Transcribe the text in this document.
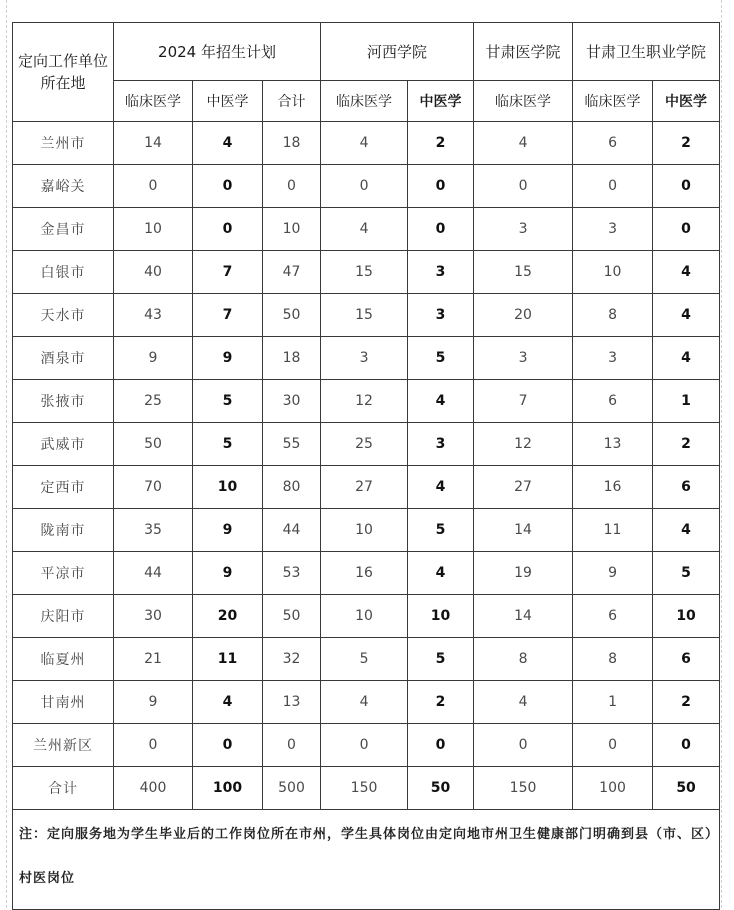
定向工作单位所在地	2024 年招生计划			河西学院		甘肃医学院	甘肃卫生职业学院	
	临床医学	中医学	合计	临床医学	中医学	临床医学	临床医学	中医学
兰州市	14	4	18	4	2	4	6	2
嘉峪关	0	0	0	0	0	0	0	0
金昌市	10	0	10	4	0	3	3	0
白银市	40	7	47	15	3	15	10	4
天水市	43	7	50	15	3	20	8	4
酒泉市	9	9	18	3	5	3	3	4
张掖市	25	5	30	12	4	7	6	1
武威市	50	5	55	25	3	12	13	2
定西市	70	10	80	27	4	27	16	6
陇南市	35	9	44	10	5	14	11	4
平凉市	44	9	53	16	4	19	9	5
庆阳市	30	20	50	10	10	14	6	10
临夏州	21	11	32	5	5	8	8	6
甘南州	9	4	13	4	2	4	1	2
兰州新区	0	0	0	0	0	0	0	0
合计	400	100	500	150	50	150	100	50
注：定向服务地为学生毕业后的工作岗位所在市州，学生具体岗位由定向地市州卫生健康部门明确到县（市、区）村医岗位								
